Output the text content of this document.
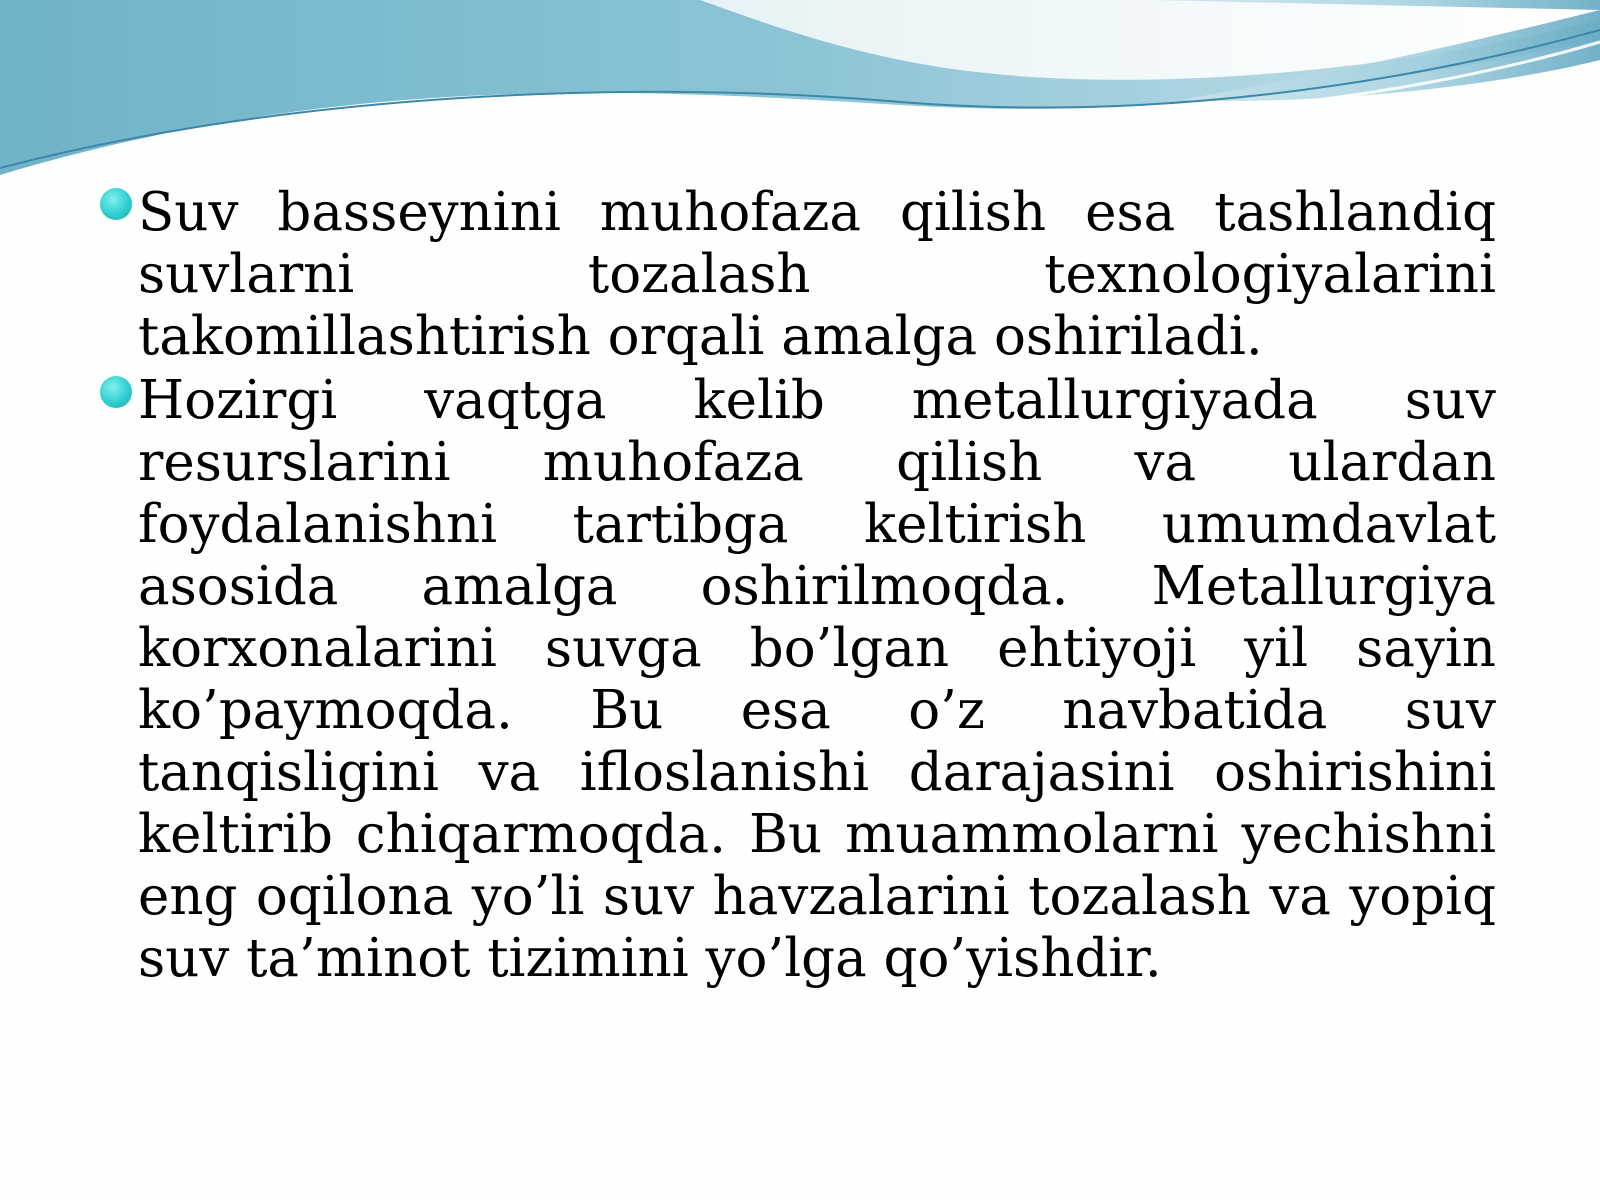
Suv basseynini muhofaza qilish esa tashlandiq suvlarni tozalash texnologiyalarini takomillashtirish orqali amalga oshiriladi.

Hozirgi vaqtga kelib metallurgiyada suv resurslarini muhofaza qilish va ulardan foydalanishni tartibga keltirish umumdavlat asosida amalga oshirilmoqda. Metallurgiya korxonalarini suvga bo’lgan ehtiyoji yil sayin ko’paymoqda. Bu esa o’z navbatida suv tanqisligini va ifloslanishi darajasini oshirishini keltirib chiqarmoqda. Bu muammolarni yechishni eng oqilona yo’li suv havzalarini tozalash va yopiq suv ta’minot tizimini yo’lga qo’yishdir.
